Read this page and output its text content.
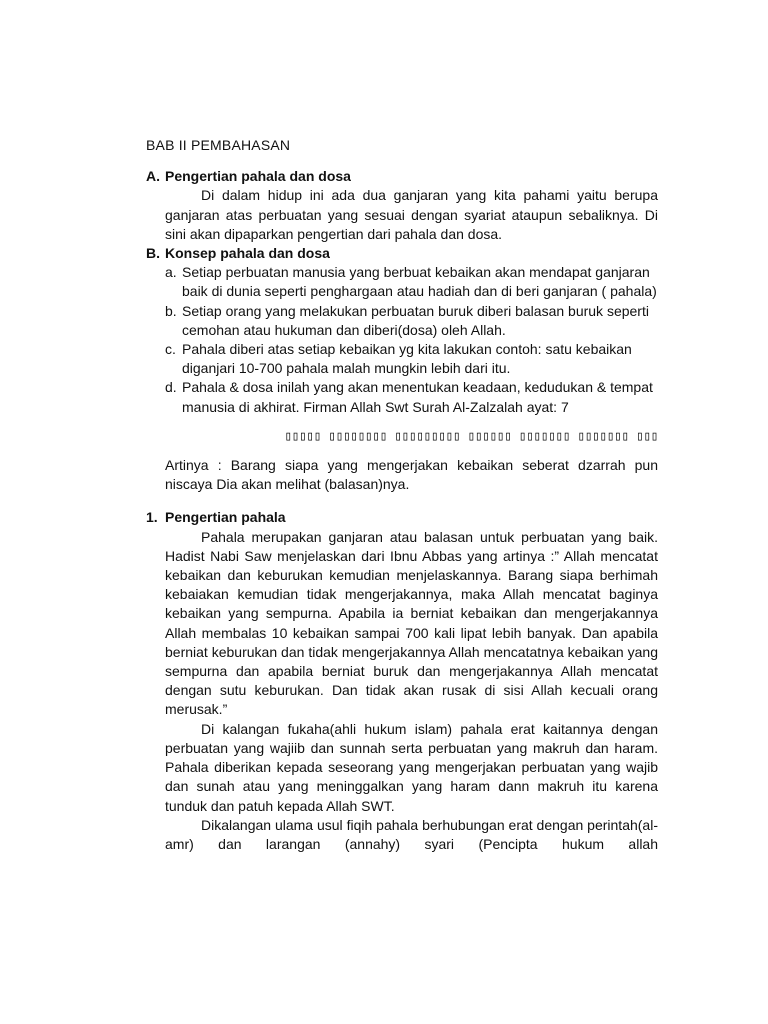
BAB II PEMBAHASAN
A. Pengertian pahala dan dosa
Di dalam hidup ini ada dua ganjaran yang kita pahami yaitu berupa ganjaran atas perbuatan yang sesuai dengan syariat ataupun sebaliknya. Di sini akan dipaparkan pengertian dari pahala dan dosa.
B. Konsep pahala dan dosa
a. Setiap perbuatan manusia yang berbuat kebaikan akan mendapat ganjaran baik di dunia seperti penghargaan atau hadiah dan di beri ganjaran ( pahala)
b. Setiap orang yang melakukan perbuatan buruk diberi balasan buruk seperti cemohan atau hukuman dan diberi(dosa) oleh Allah.
c. Pahala diberi atas setiap kebaikan yg kita lakukan contoh: satu kebaikan diganjari 10-700 pahala malah mungkin lebih dari itu.
d. Pahala & dosa inilah yang akan menentukan keadaan, kedudukan & tempat manusia di akhirat. Firman Allah Swt Surah Al-Zalzalah ayat: 7
▯▯▯▯▯ ▯▯▯▯▯▯▯▯ ▯▯▯▯▯▯▯▯▯ ▯▯▯▯▯▯ ▯▯▯▯▯▯▯ ▯▯▯▯▯▯▯ ▯▯▯
Artinya : Barang siapa yang mengerjakan kebaikan seberat dzarrah pun niscaya Dia akan melihat (balasan)nya.
1. Pengertian pahala
Pahala merupakan ganjaran atau balasan untuk perbuatan yang baik. Hadist Nabi Saw menjelaskan dari Ibnu Abbas yang artinya :” Allah mencatat kebaikan dan keburukan kemudian menjelaskannya. Barang siapa berhimah kebaiakan kemudian tidak mengerjakannya, maka Allah mencatat baginya kebaikan yang sempurna. Apabila ia berniat kebaikan dan mengerjakannya Allah membalas 10 kebaikan sampai 700 kali lipat lebih banyak. Dan apabila berniat keburukan dan tidak mengerjakannya Allah mencatatnya kebaikan yang sempurna dan apabila berniat buruk dan mengerjakannya Allah mencatat dengan sutu keburukan. Dan tidak akan rusak di sisi Allah kecuali orang merusak.”
Di kalangan fukaha(ahli hukum islam) pahala erat kaitannya dengan perbuatan yang wajiib dan sunnah serta perbuatan yang makruh dan haram. Pahala diberikan kepada seseorang yang mengerjakan perbuatan yang wajib dan sunah atau yang meninggalkan yang haram dann makruh itu karena tunduk dan patuh kepada Allah SWT.
Dikalangan ulama usul fiqih pahala berhubungan erat dengan perintah(al-amr) dan larangan (annahy) syari (Pencipta hukum allah
